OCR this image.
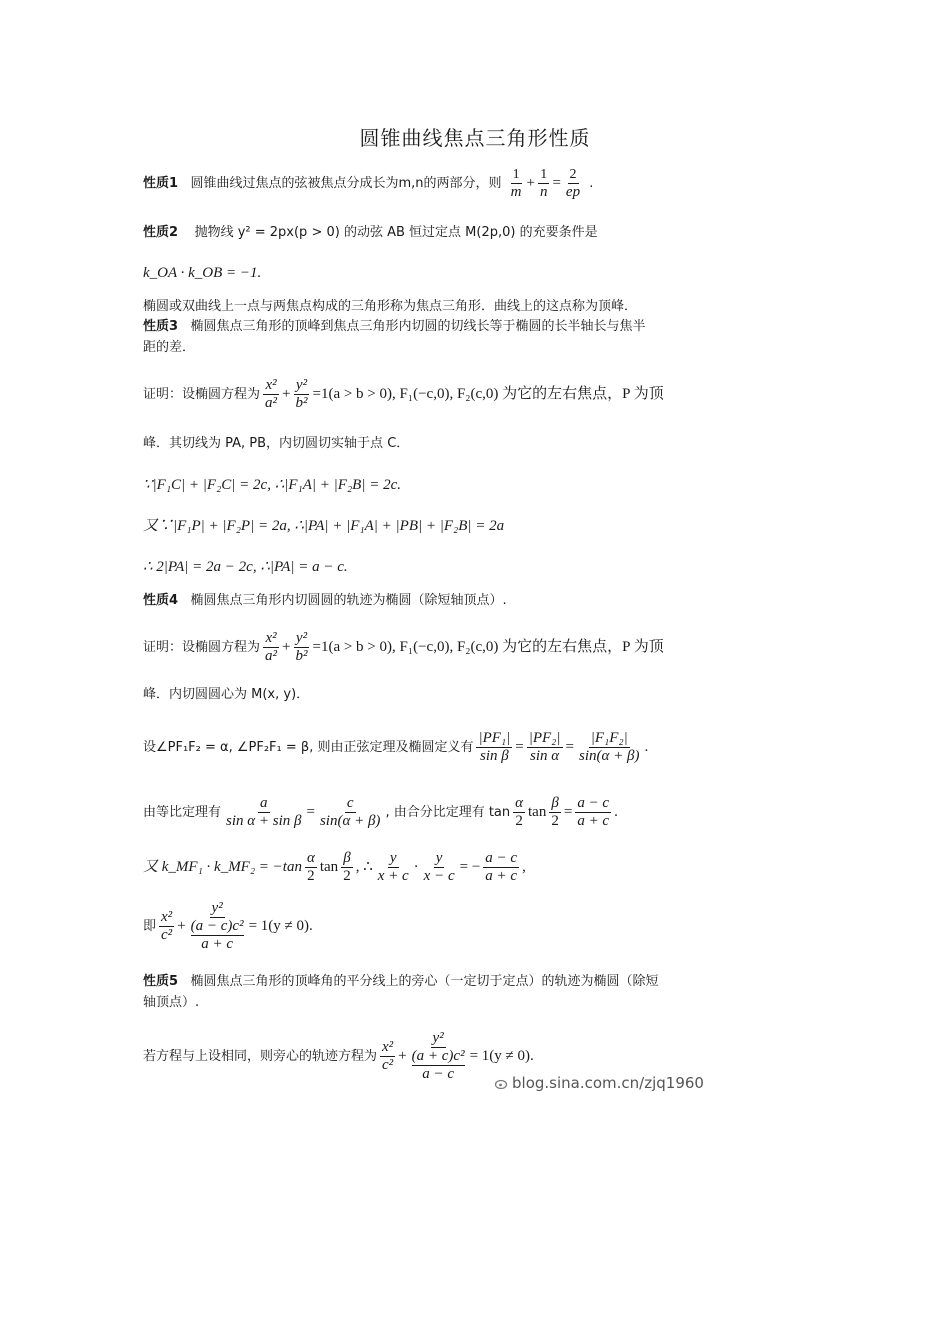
圆锥曲线焦点三角形性质
性质1 圆锥曲线过焦点的弦被焦点分成长为m,n的两部分，则 $\frac{1}{m} + \frac{1}{n} = \frac{2}{ep}$ .
性质2 抛物线 y² = 2px(p > 0) 的动弦 AB 恒过定点 M(2p,0) 的充要条件是
k_OA · k_OB = −1.
椭圆或双曲线上一点与两焦点构成的三角形称为焦点三角形．曲线上的这点称为顶峰．
性质3 椭圆焦点三角形的顶峰到焦点三角形内切圆的切线长等于椭圆的长半轴长与焦半
距的差．
证明：设椭圆方程为 $\frac{\text{x²}}{\text{a²}} + \frac{\text{y²}}{\text{b²}} =1(a > b > 0)$, F₁(−c,0), F₂(c,0) 为它的左右焦点，P 为顶
峰．其切线为 PA, PB，内切圆切实轴于点 C．
∵|F₁C| + |F₂C| = 2c, ∴|F₁A| + |F₂B| = 2c.
又∵|F₁P| + |F₂P| = 2a, ∴|PA| + |F₁A| + |PB| + |F₂B| = 2a
∴ 2|PA| = 2a − 2c, ∴|PA| = a − c.
性质4 椭圆焦点三角形内切圆圆的轨迹为椭圆（除短轴顶点）.
证明：设椭圆方程为 $\frac{\text{x²}}{\text{a²}} + \frac{\text{y²}}{\text{b²}} =1(a > b > 0)$, F₁(−c,0), F₂(c,0) 为它的左右焦点，P 为顶
峰．内切圆圆心为 M(x, y)．
设∠PF₁F₂ = α, ∠PF₂F₁ = β, 则由正弦定理及椭圆定义有 $\frac{\text{|PF₁|}}{\text{sin β}} = \frac{\text{|PF₂|}}{\text{sin α}} = \frac{\text{|F₁F₂|}}{\sin(\alpha + \beta)}$ .
由等比定理有 $\frac{a}{\text{sin α + sin β}} = \frac{c}{\sin(\alpha + \beta)}$ , 由合分比定理有 $\tan \frac{\alpha}{2}$ $\tan \frac{\beta}{2} = \frac{a - c}{a + c}$ .
又 k_MF₁ · k_MF₂ = $-\tan \frac{\alpha}{2}$ $\tan \frac{\beta}{2}$ , ∴ $\frac{y}{x + c} \cdot \frac{y}{x - c}$ = − $\frac{a - c}{a + c}$ ,
即 $\frac{\text{x²}}{\text{c²}} + y^2$
(a − c)c²
a + c = 1(y ≠ 0).
性质5 椭圆焦点三角形的顶峰角的平分线上的旁心（一定切于定点）的轨迹为椭圆（除短
轴顶点）.
若方程与上设相同，则旁心的轨迹方程为 $\frac{\text{x²}}{\text{c²}} + y^2$
(a + c)c²
a − c = 1(y ≠ 0).
blog.sina.com.cn/zjq1960
